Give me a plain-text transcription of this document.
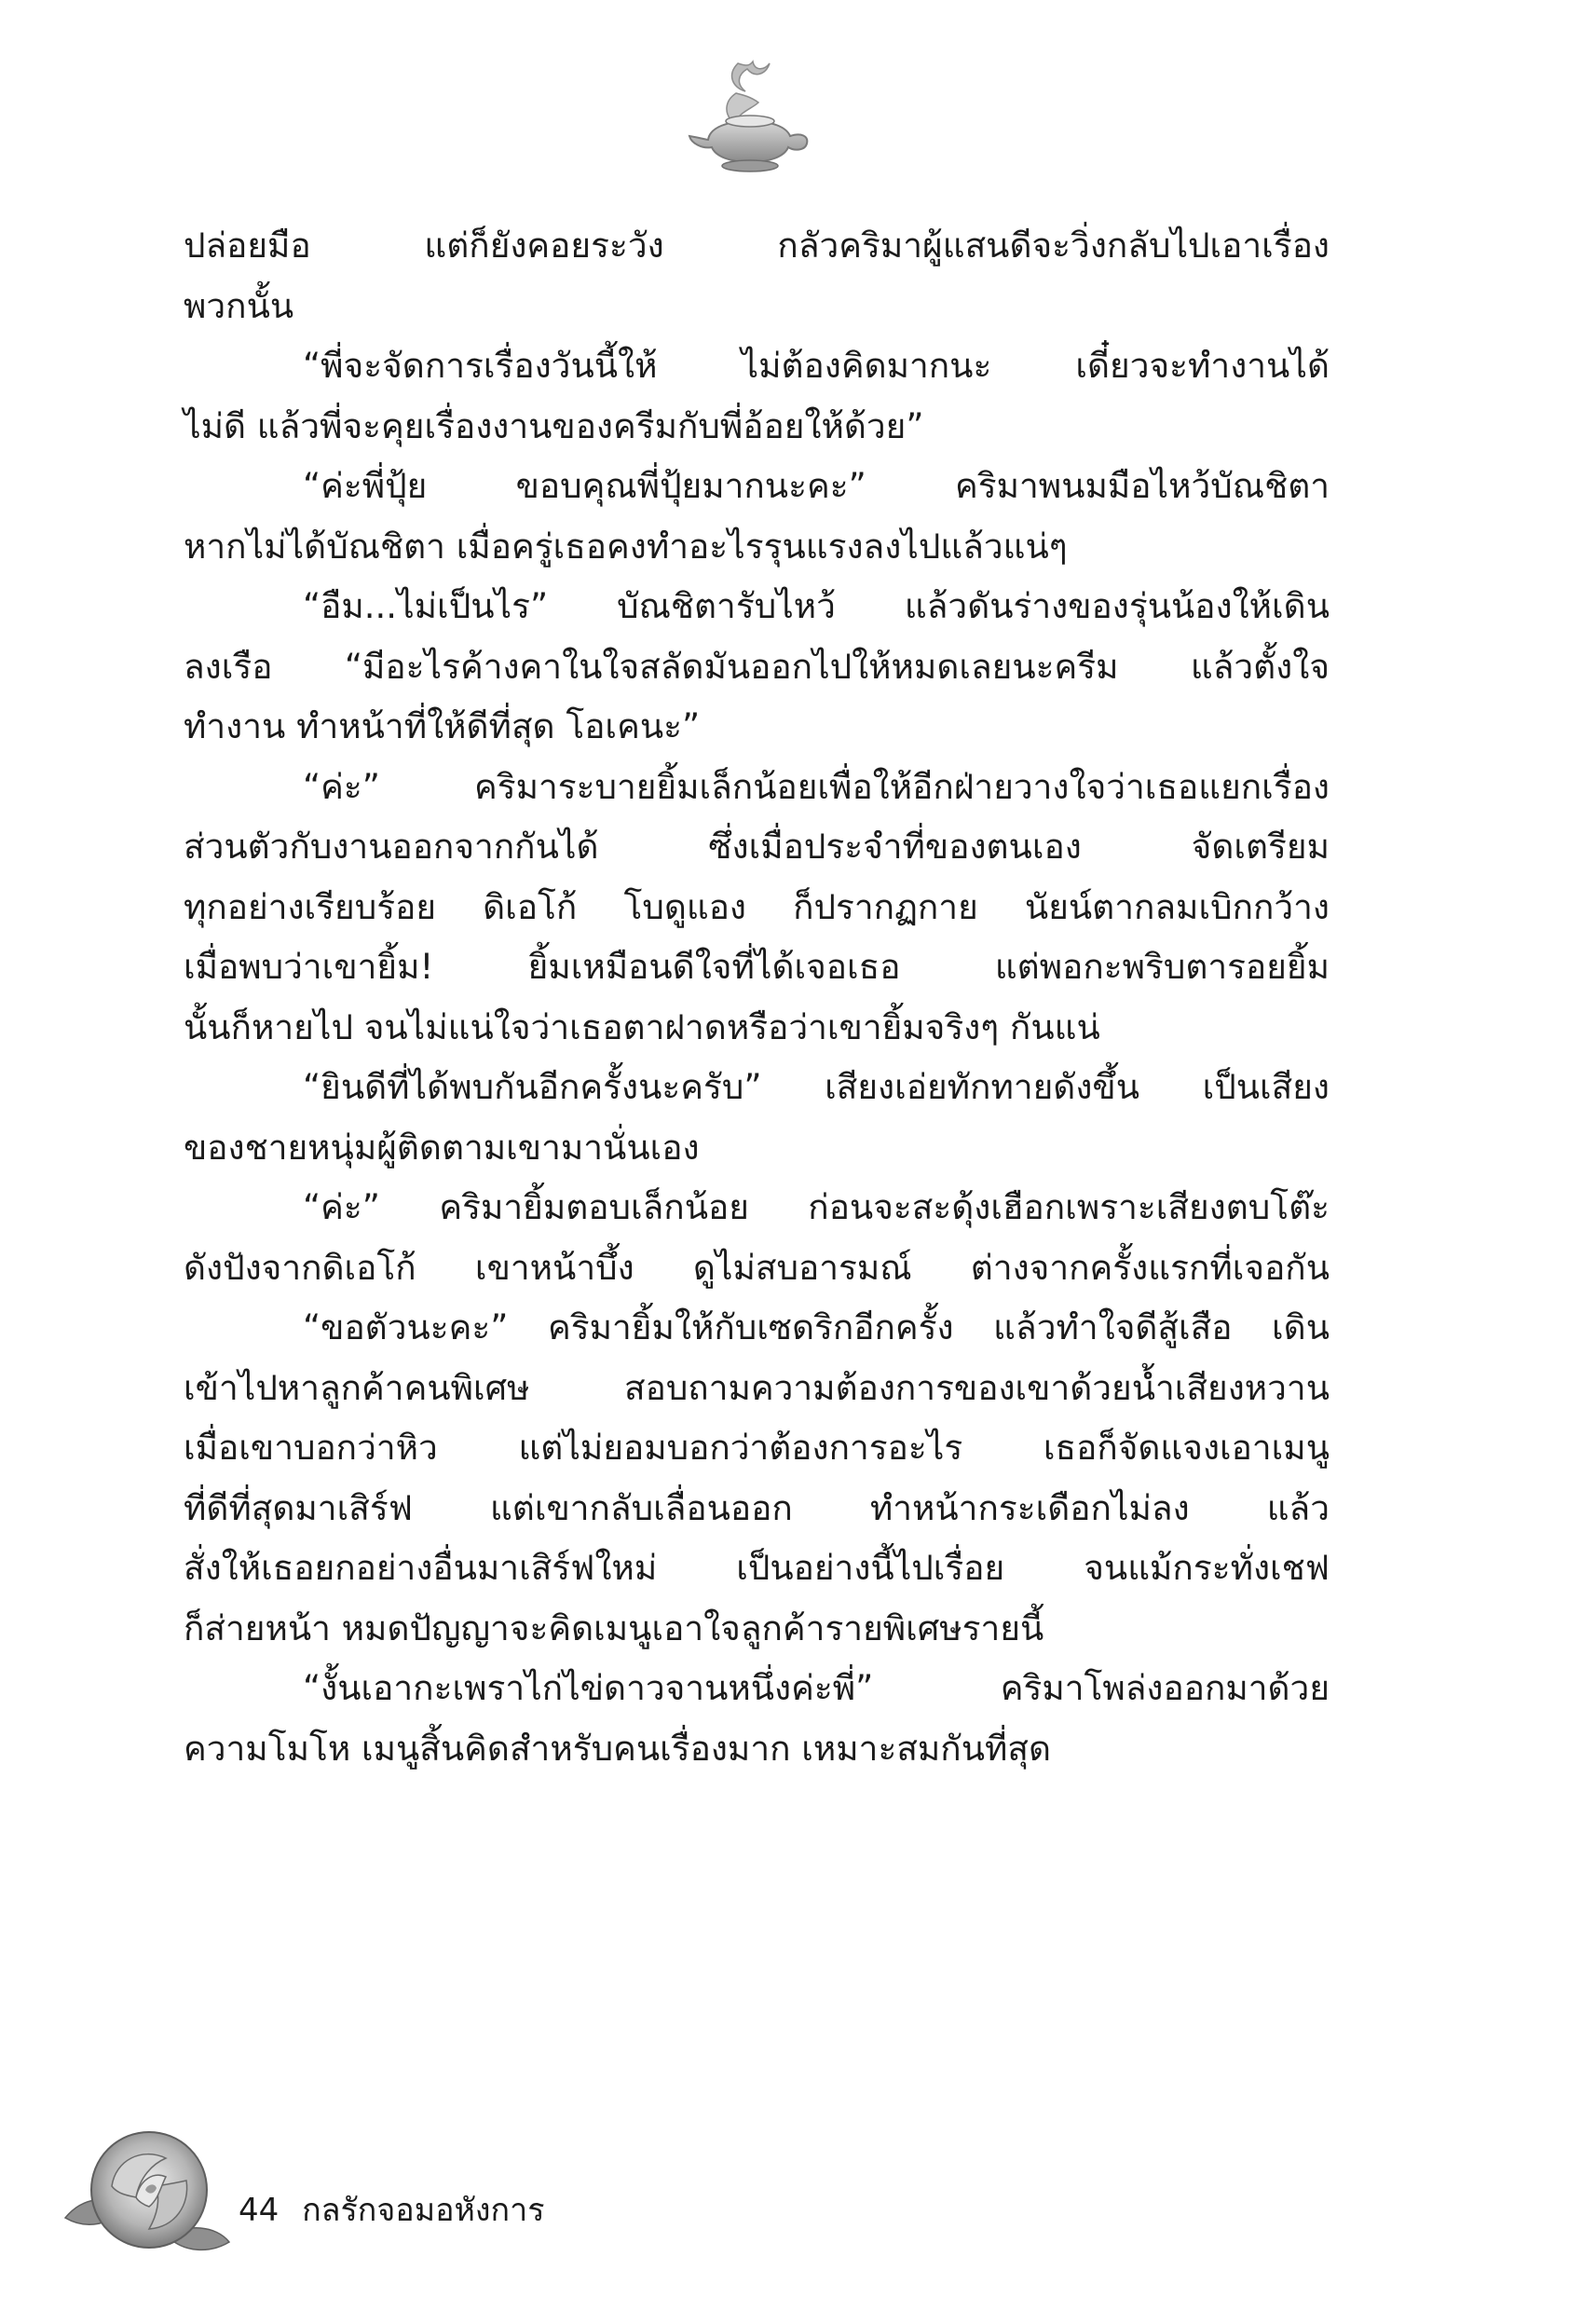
ปล่อยมือ แต่ก็ยังคอยระวัง กลัวคริมาผู้แสนดีจะวิ่งกลับไปเอาเรื่อง
พวกนั้น
“พี่จะจัดการเรื่องวันนี้ให้ ไม่ต้องคิดมากนะ เดี๋ยวจะทำงานได้
ไม่ดี แล้วพี่จะคุยเรื่องงานของครีมกับพี่อ้อยให้ด้วย”
“ค่ะพี่ปุ้ย ขอบคุณพี่ปุ้ยมากนะคะ” คริมาพนมมือไหว้บัณชิตา
หากไม่ได้บัณชิตา เมื่อครู่เธอคงทำอะไรรุนแรงลงไปแล้วแน่ๆ
“อืม...ไม่เป็นไร” บัณชิตารับไหว้ แล้วดันร่างของรุ่นน้องให้เดิน
ลงเรือ “มีอะไรค้างคาในใจสลัดมันออกไปให้หมดเลยนะครีม แล้วตั้งใจ
ทำงาน ทำหน้าที่ให้ดีที่สุด โอเคนะ”
“ค่ะ” คริมาระบายยิ้มเล็กน้อยเพื่อให้อีกฝ่ายวางใจว่าเธอแยกเรื่อง
ส่วนตัวกับงานออกจากกันได้ ซึ่งเมื่อประจำที่ของตนเอง จัดเตรียม
ทุกอย่างเรียบร้อย ดิเอโก้ โบดูแอง ก็ปรากฏกาย นัยน์ตากลมเบิกกว้าง
เมื่อพบว่าเขายิ้ม! ยิ้มเหมือนดีใจที่ได้เจอเธอ แต่พอกะพริบตารอยยิ้ม
นั้นก็หายไป จนไม่แน่ใจว่าเธอตาฝาดหรือว่าเขายิ้มจริงๆ กันแน่
“ยินดีที่ได้พบกันอีกครั้งนะครับ” เสียงเอ่ยทักทายดังขึ้น เป็นเสียง
ของชายหนุ่มผู้ติดตามเขามานั่นเอง
“ค่ะ” คริมายิ้มตอบเล็กน้อย ก่อนจะสะดุ้งเฮือกเพราะเสียงตบโต๊ะ
ดังปังจากดิเอโก้ เขาหน้าบึ้ง ดูไม่สบอารมณ์ ต่างจากครั้งแรกที่เจอกัน
“ขอตัวนะคะ” คริมายิ้มให้กับเซดริกอีกครั้ง แล้วทำใจดีสู้เสือ เดิน
เข้าไปหาลูกค้าคนพิเศษ สอบถามความต้องการของเขาด้วยน้ำเสียงหวาน
เมื่อเขาบอกว่าหิว แต่ไม่ยอมบอกว่าต้องการอะไร เธอก็จัดแจงเอาเมนู
ที่ดีที่สุดมาเสิร์ฟ แต่เขากลับเลื่อนออก ทำหน้ากระเดือกไม่ลง แล้ว
สั่งให้เธอยกอย่างอื่นมาเสิร์ฟใหม่ เป็นอย่างนี้ไปเรื่อย จนแม้กระทั่งเชฟ
ก็ส่ายหน้า หมดปัญญาจะคิดเมนูเอาใจลูกค้ารายพิเศษรายนี้
“งั้นเอากะเพราไก่ไข่ดาวจานหนึ่งค่ะพี่” คริมาโพล่งออกมาด้วย
ความโมโห เมนูสิ้นคิดสำหรับคนเรื่องมาก เหมาะสมกันที่สุด
44 กลรักจอมอหังการ
